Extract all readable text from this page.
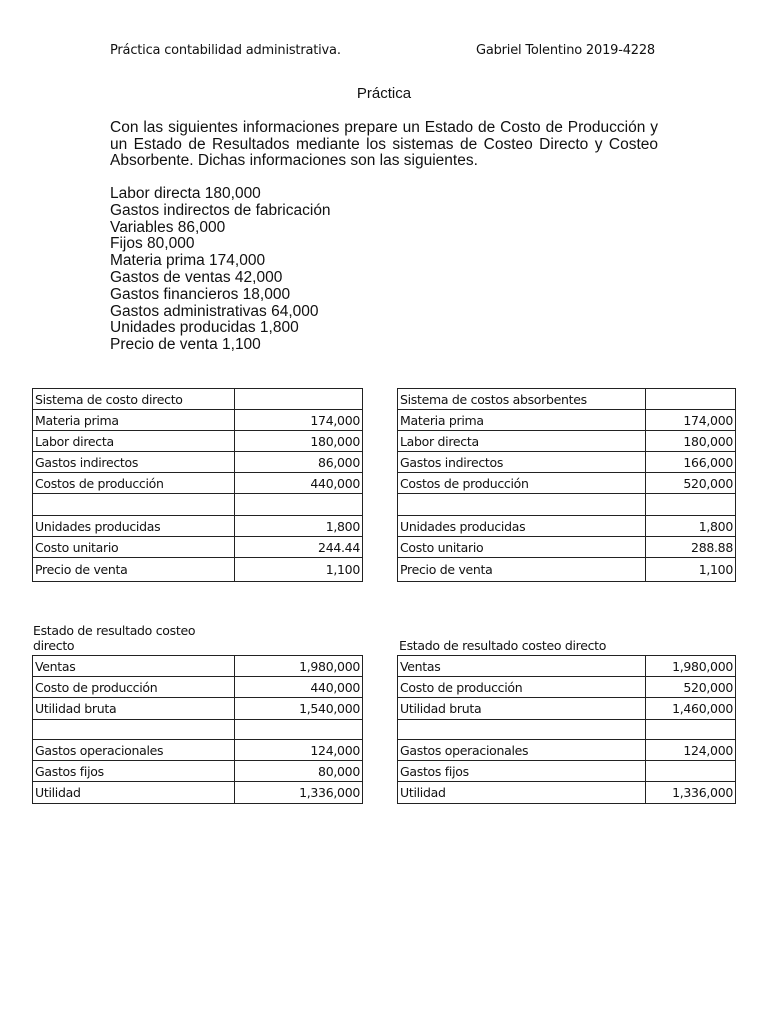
Práctica contabilidad administrativa.	Gabriel Tolentino 2019-4228
Práctica
Con las siguientes informaciones prepare un Estado de Costo de Producción y un Estado de Resultados mediante los sistemas de Costeo Directo y Costeo Absorbente. Dichas informaciones son las siguientes.
Labor directa 180,000
Gastos indirectos de fabricación
Variables 86,000
Fijos 80,000
Materia prima 174,000
Gastos de ventas 42,000
Gastos financieros 18,000
Gastos administrativas 64,000
Unidades producidas 1,800
Precio de venta 1,100
Sistema de costo directo	
Materia prima	174,000
Labor directa	180,000
Gastos indirectos	86,000
Costos de producción	440,000

Unidades producidas	1,800
Costo unitario	244.44
Precio de venta	1,100
Sistema de costos absorbentes	
Materia prima	174,000
Labor directa	180,000
Gastos indirectos	166,000
Costos de producción	520,000

Unidades producidas	1,800
Costo unitario	288.88
Precio de venta	1,100
Estado de resultado costeo
directo	Estado de resultado costeo directo
Ventas	1,980,000
Costo de producción	440,000
Utilidad bruta	1,540,000

Gastos operacionales	124,000
Gastos fijos	80,000
Utilidad	1,336,000
Ventas	1,980,000
Costo de producción	520,000
Utilidad bruta	1,460,000

Gastos operacionales	124,000
Gastos fijos	
Utilidad	1,336,000
